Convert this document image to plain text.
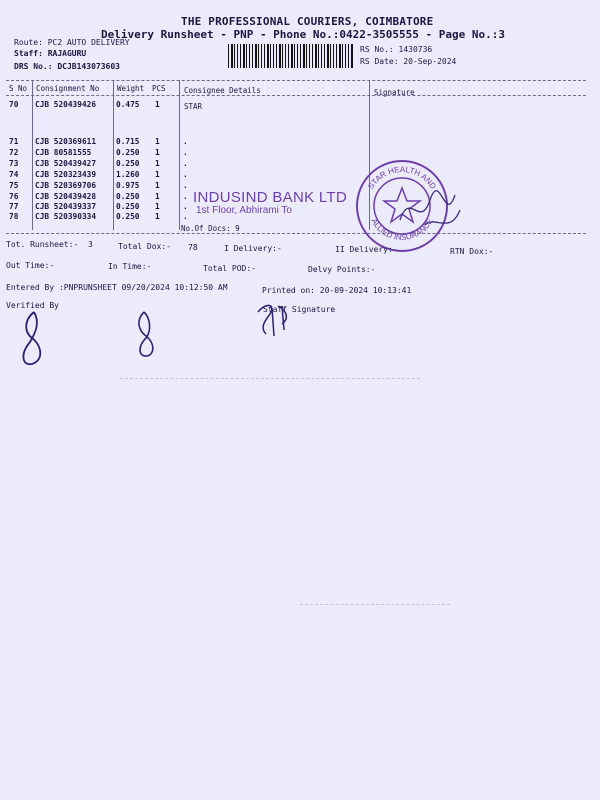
THE PROFESSIONAL COURIERS, COIMBATORE
Delivery Runsheet - PNP - Phone No.:0422-3505555 - Page No.:3
Route: PC2 AUTO DELIVERY
Staff: RAJAGURU
DRS No.: DCJB143073603
RS No.: 1430736
RS Date: 20-Sep-2024
S No Consignment No Weight PCS Consignee Details	Signature
70 CJB 520439426	0.475 1	STAR
71 CJB 520369611	0.715 1	.
72 CJB 80581555	0.250 1	.
73 CJB 520439427	0.250 1	.
74 CJB 520323439	1.260 1	.
75 CJB 520369706	0.975 1	.
76 CJB 520439428	0.250 1	.
77 CJB 520439337	0.250 1	.
78 CJB 520390334	0.250 1	.
No.Of Docs: 9
INDUSIND BANK LTD
1st Floor, Abhirami To
STAR HEALTH AND
ALLIED INSURANCE
Tot. Runsheet:- 3	Total Dox:- 78	I Delivery:-	II Delivery:-	RTN Dox:-
Out Time:-	In Time:-	Total POD:-	Delvy Points:-
Entered By :PNPRUNSHEET 09/20/2024 10:12:50 AM	Printed on: 20-09-2024 10:13:41
Verified By	Staff Signature
